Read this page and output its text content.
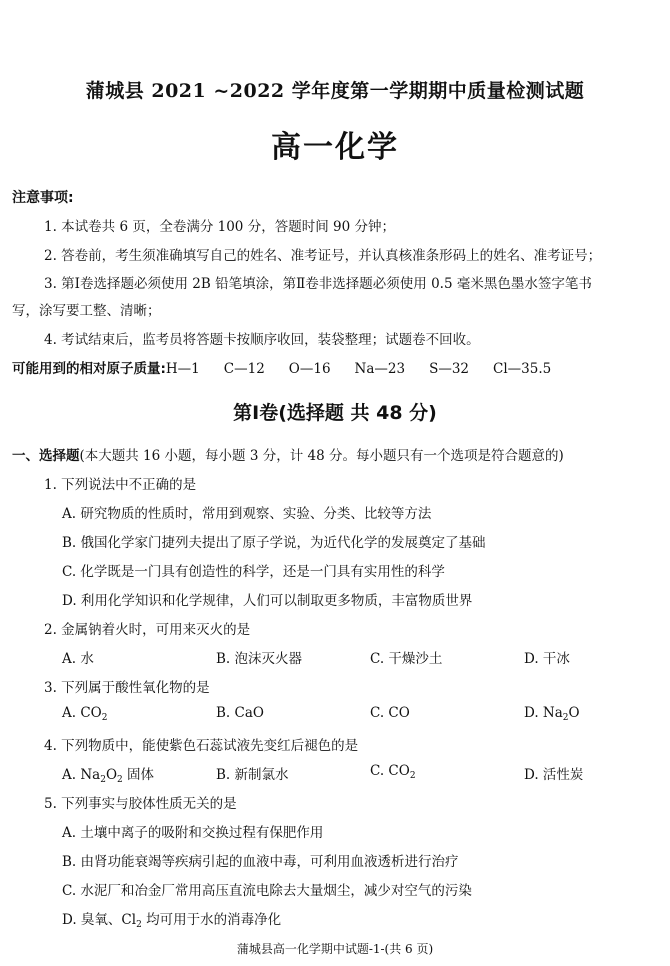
蒲城县 2021 ~2022 学年度第一学期期中质量检测试题
高一化学
注意事项:
1. 本试卷共 6 页，全卷满分 100 分，答题时间 90 分钟；
2. 答卷前，考生须准确填写自己的姓名、准考证号，并认真核准条形码上的姓名、准考证号；
3. 第Ⅰ卷选择题必须使用 2B 铅笔填涂，第Ⅱ卷非选择题必须使用 0.5 毫米黑色墨水签字笔书
写，涂写要工整、清晰；
4. 考试结束后，监考员将答题卡按顺序收回，装袋整理；试题卷不回收。
可能用到的相对原子质量:H—1 C—12 O—16 Na—23 S—32 Cl—35.5
第Ⅰ卷(选择题 共 48 分)
一、选择题(本大题共 16 小题，每小题 3 分，计 48 分。每小题只有一个选项是符合题意的)
1. 下列说法中不正确的是
A. 研究物质的性质时，常用到观察、实验、分类、比较等方法
B. 俄国化学家门捷列夫提出了原子学说，为近代化学的发展奠定了基础
C. 化学既是一门具有创造性的科学，还是一门具有实用性的科学
D. 利用化学知识和化学规律，人们可以制取更多物质，丰富物质世界
2. 金属钠着火时，可用来灭火的是
A. 水	B. 泡沫灭火器	C. 干燥沙土	D. 干冰
3. 下列属于酸性氧化物的是
A. $CO_2$	B. CaO	C. CO	D. $Na_2O$
4. 下列物质中，能使紫色石蕊试液先变红后褪色的是
A. $Na_2O_2$ 固体	B. 新制氯水	C. $CO_2$	D. 活性炭
5. 下列事实与胶体性质无关的是
A. 土壤中离子的吸附和交换过程有保肥作用
B. 由肾功能衰竭等疾病引起的血液中毒，可利用血液透析进行治疗
C. 水泥厂和冶金厂常用高压直流电除去大量烟尘，减少对空气的污染
D. 臭氧、$Cl_2$ 均可用于水的消毒净化
蒲城县高一化学期中试题-1-(共 6 页)
